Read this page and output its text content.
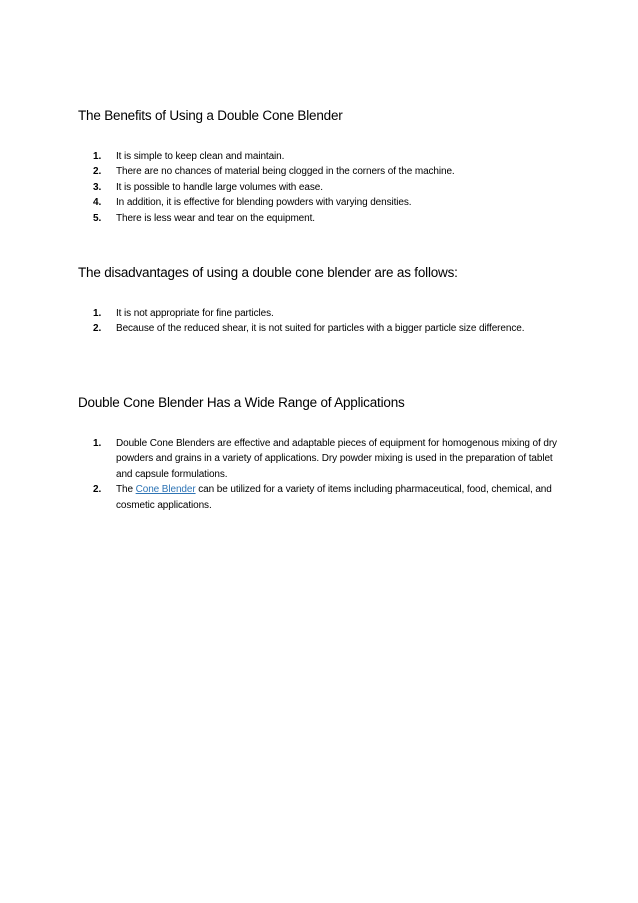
The Benefits of Using a Double Cone Blender
1.	It is simple to keep clean and maintain.
2.	There are no chances of material being clogged in the corners of the machine.
3.	It is possible to handle large volumes with ease.
4.	In addition, it is effective for blending powders with varying densities.
5.	There is less wear and tear on the equipment.
The disadvantages of using a double cone blender are as follows:
1.	It is not appropriate for fine particles.
2.	Because of the reduced shear, it is not suited for particles with a bigger particle size difference.
Double Cone Blender Has a Wide Range of Applications
1.	Double Cone Blenders are effective and adaptable pieces of equipment for homogenous mixing of dry powders and grains in a variety of applications. Dry powder mixing is used in the preparation of tablet and capsule formulations.
2.	The Cone Blender can be utilized for a variety of items including pharmaceutical, food, chemical, and cosmetic applications.
